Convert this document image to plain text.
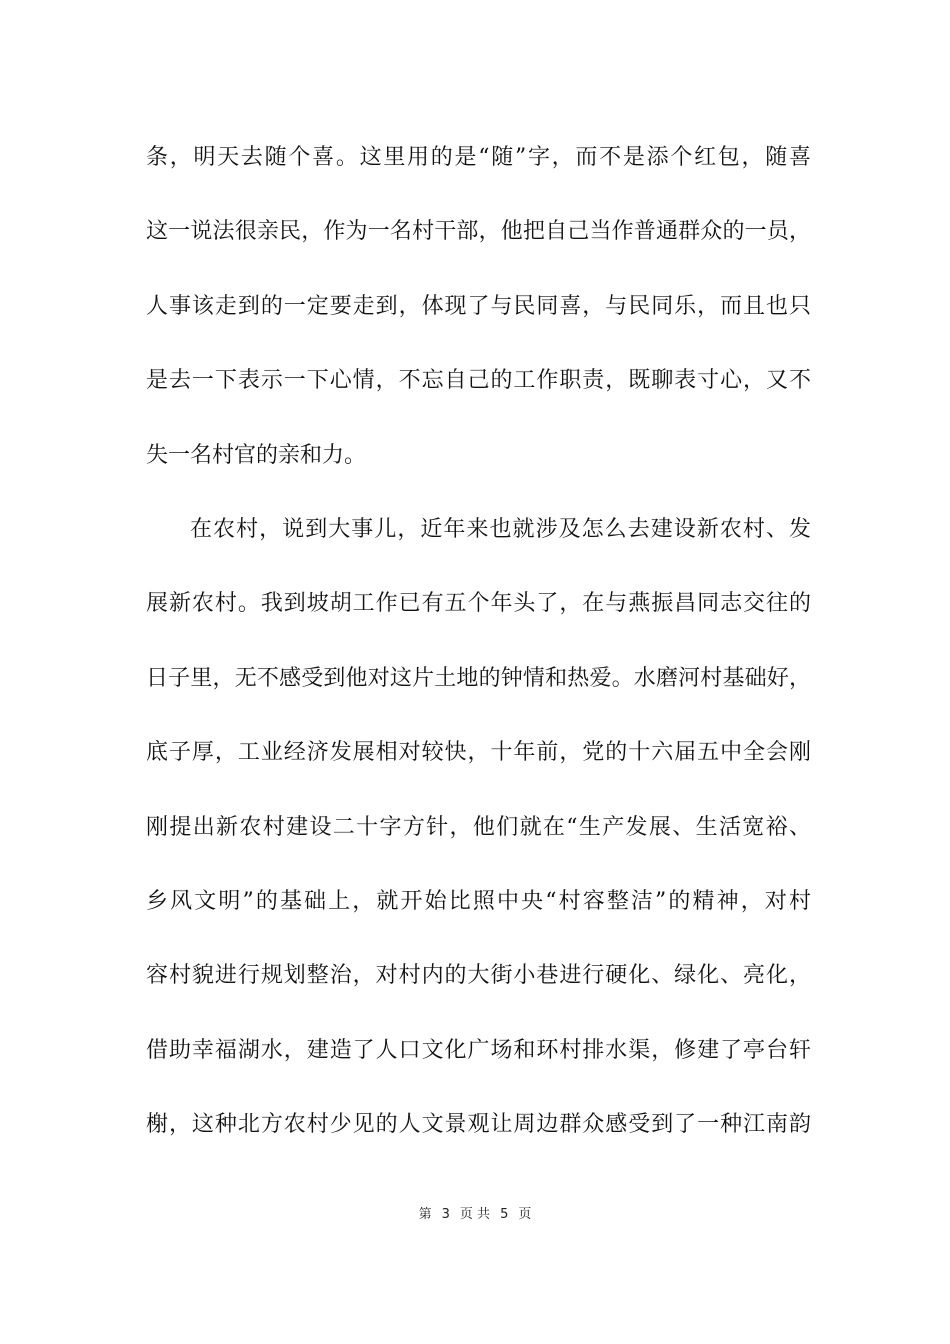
条，明天去随个喜。这里用的是“随”字，而不是添个红包，随喜
这一说法很亲民，作为一名村干部，他把自己当作普通群众的一员，
人事该走到的一定要走到，体现了与民同喜，与民同乐，而且也只
是去一下表示一下心情，不忘自己的工作职责，既聊表寸心，又不
失一名村官的亲和力。
在农村，说到大事儿，近年来也就涉及怎么去建设新农村、发
展新农村。我到坡胡工作已有五个年头了，在与燕振昌同志交往的
日子里，无不感受到他对这片土地的钟情和热爱。水磨河村基础好，
底子厚，工业经济发展相对较快，十年前，党的十六届五中全会刚
刚提出新农村建设二十字方针，他们就在“生产发展、生活宽裕、
乡风文明”的基础上，就开始比照中央“村容整洁”的精神，对村
容村貌进行规划整治，对村内的大街小巷进行硬化、绿化、亮化，
借助幸福湖水，建造了人口文化广场和环村排水渠，修建了亭台轩
榭，这种北方农村少见的人文景观让周边群众感受到了一种江南韵
第 3 页 共 5 页
